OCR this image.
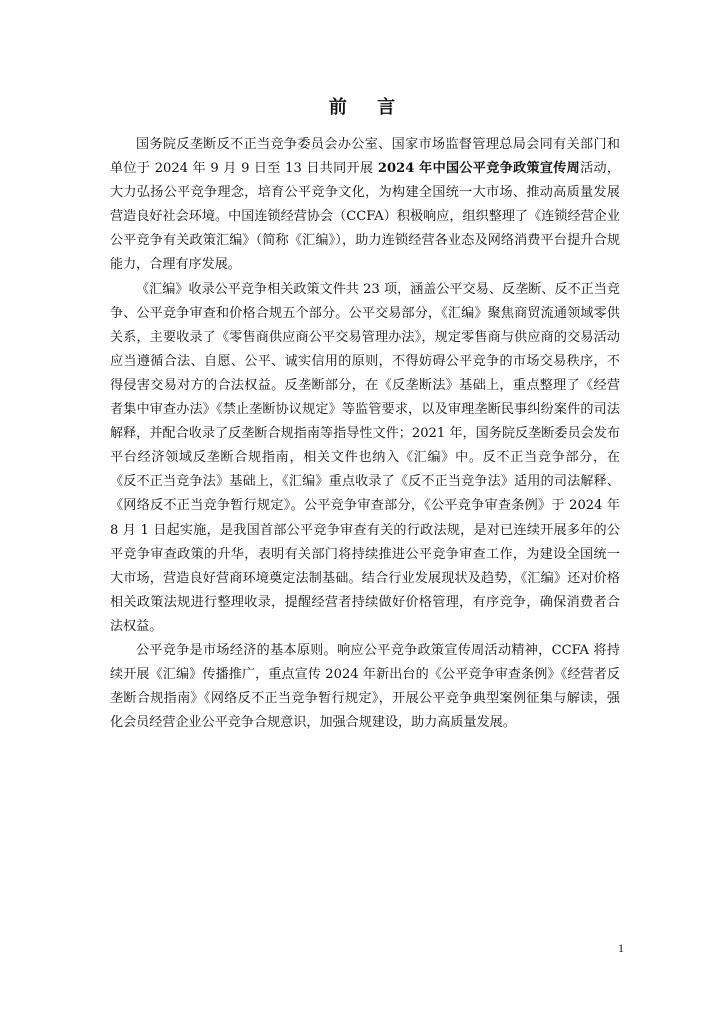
前 言

国务院反垄断反不正当竞争委员会办公室、国家市场监督管理总局会同有关部门和单位于 2024 年 9 月 9 日至 13 日共同开展 2024 年中国公平竞争政策宣传周活动，大力弘扬公平竞争理念，培育公平竞争文化，为构建全国统一大市场、推动高质量发展营造良好社会环境。中国连锁经营协会（CCFA）积极响应，组织整理了《连锁经营企业公平竞争有关政策汇编》（简称《汇编》），助力连锁经营各业态及网络消费平台提升合规能力，合理有序发展。

《汇编》收录公平竞争相关政策文件共 23 项，涵盖公平交易、反垄断、反不正当竞争、公平竞争审查和价格合规五个部分。公平交易部分，《汇编》聚焦商贸流通领域零供关系，主要收录了《零售商供应商公平交易管理办法》，规定零售商与供应商的交易活动应当遵循合法、自愿、公平、诚实信用的原则，不得妨碍公平竞争的市场交易秩序，不得侵害交易对方的合法权益。反垄断部分，在《反垄断法》基础上，重点整理了《经营者集中审查办法》《禁止垄断协议规定》等监管要求，以及审理垄断民事纠纷案件的司法解释，并配合收录了反垄断合规指南等指导性文件；2021 年，国务院反垄断委员会发布平台经济领域反垄断合规指南，相关文件也纳入《汇编》中。反不正当竞争部分，在《反不正当竞争法》基础上，《汇编》重点收录了《反不正当竞争法》适用的司法解释、《网络反不正当竞争暂行规定》。公平竞争审查部分，《公平竞争审查条例》于 2024 年 8 月 1 日起实施，是我国首部公平竞争审查有关的行政法规，是对已连续开展多年的公平竞争审查政策的升华，表明有关部门将持续推进公平竞争审查工作，为建设全国统一大市场，营造良好营商环境奠定法制基础。结合行业发展现状及趋势，《汇编》还对价格相关政策法规进行整理收录，提醒经营者持续做好价格管理，有序竞争，确保消费者合法权益。

公平竞争是市场经济的基本原则。响应公平竞争政策宣传周活动精神，CCFA 将持续开展《汇编》传播推广，重点宣传 2024 年新出台的《公平竞争审查条例》《经营者反垄断合规指南》《网络反不正当竞争暂行规定》，开展公平竞争典型案例征集与解读，强化会员经营企业公平竞争合规意识，加强合规建设，助力高质量发展。

1
